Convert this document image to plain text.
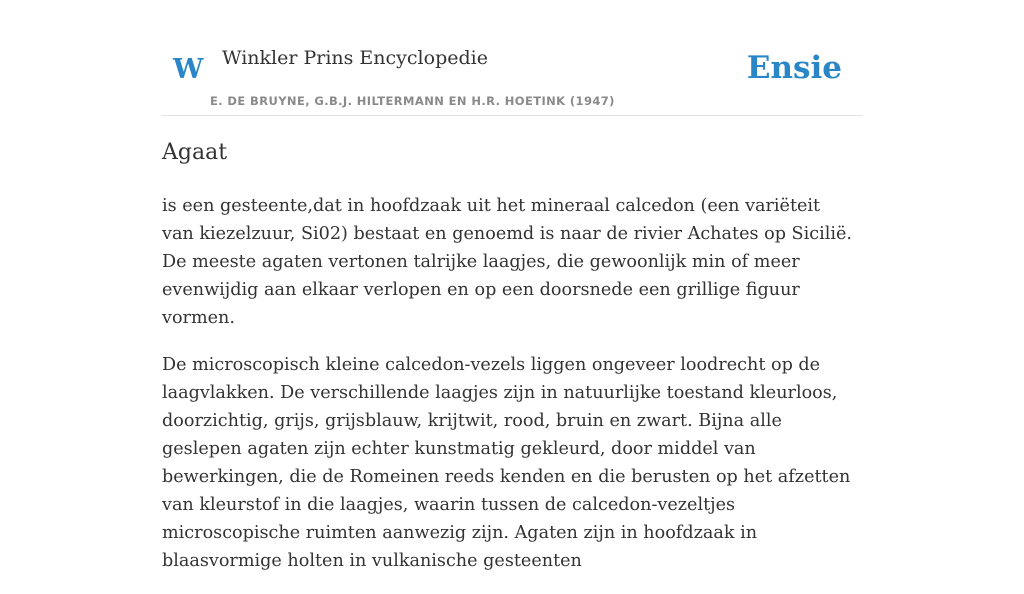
W Winkler Prins Encyclopedie
E. DE BRUYNE, G.B.J. HILTERMANN EN H.R. HOETINK (1947)
Ensie
Agaat

is een gesteente,dat in hoofdzaak uit het mineraal calcedon (een variëteit van kiezelzuur, Si02) bestaat en genoemd is naar de rivier Achates op Sicilië. De meeste agaten vertonen talrijke laagjes, die gewoonlijk min of meer evenwijdig aan elkaar verlopen en op een doorsnede een grillige figuur vormen.

De microscopisch kleine calcedon-vezels liggen ongeveer loodrecht op de laagvlakken. De verschillende laagjes zijn in natuurlijke toestand kleurloos, doorzichtig, grijs, grijsblauw, krijtwit, rood, bruin en zwart. Bijna alle geslepen agaten zijn echter kunstmatig gekleurd, door middel van bewerkingen, die de Romeinen reeds kenden en die berusten op het afzetten van kleurstof in die laagjes, waarin tussen de calcedon-vezeltjes microscopische ruimten aanwezig zijn. Agaten zijn in hoofdzaak in blaasvormige holten in vulkanische gesteenten
